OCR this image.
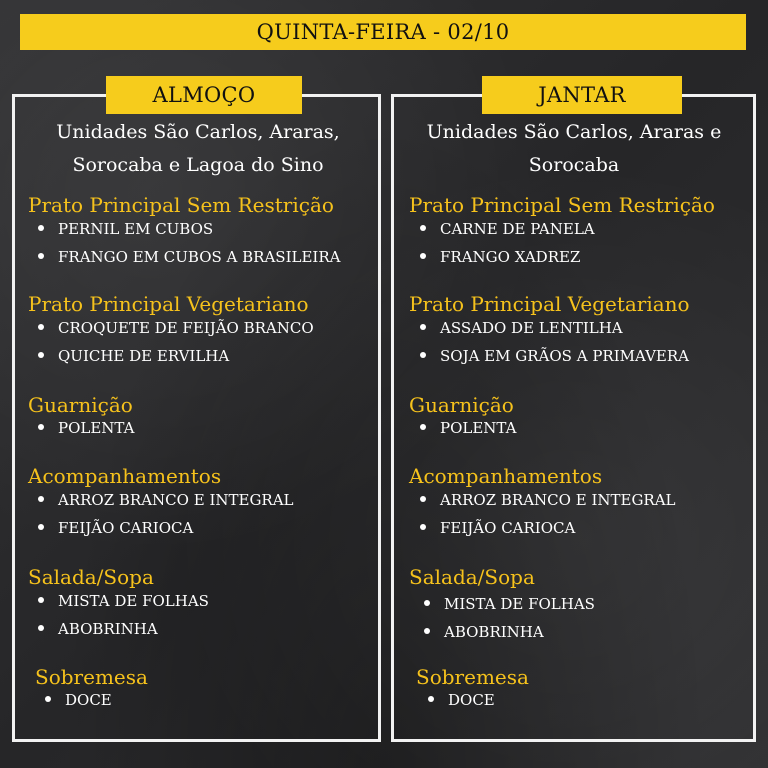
QUINTA-FEIRA - 02/10
ALMOÇO	JANTAR
Unidades São Carlos, Araras,
Sorocaba e Lagoa do Sino
Unidades São Carlos, Araras e
Sorocaba
Prato Principal Sem Restrição
PERNIL EM CUBOS
FRANGO EM CUBOS A BRASILEIRA
Prato Principal Vegetariano
CROQUETE DE FEIJÃO BRANCO
QUICHE DE ERVILHA
Guarnição
POLENTA
Acompanhamentos
ARROZ BRANCO E INTEGRAL
FEIJÃO CARIOCA
Salada/Sopa
MISTA DE FOLHAS
ABOBRINHA
Sobremesa
DOCE
Prato Principal Sem Restrição
CARNE DE PANELA
FRANGO XADREZ
Prato Principal Vegetariano
ASSADO DE LENTILHA
SOJA EM GRÃOS A PRIMAVERA
Guarnição
POLENTA
Acompanhamentos
ARROZ BRANCO E INTEGRAL
FEIJÃO CARIOCA
Salada/Sopa
MISTA DE FOLHAS
ABOBRINHA
Sobremesa
DOCE
